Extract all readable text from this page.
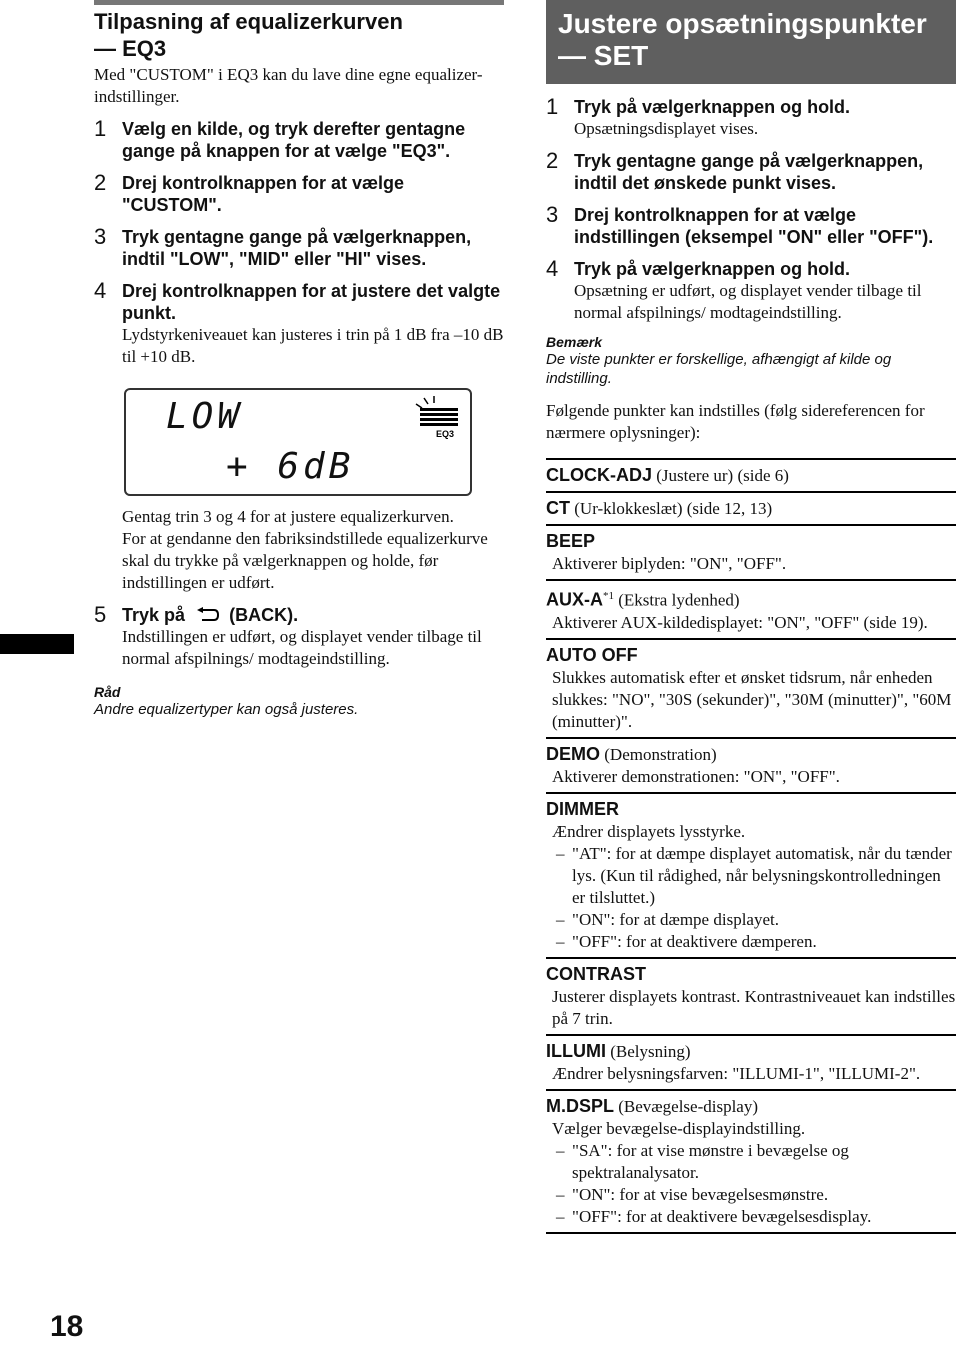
18
Tilpasning af equalizerkurven
— EQ3

Med "CUSTOM" i EQ3 kan du lave dine egne equalizer-indstillinger.

1 Vælg en kilde, og tryk derefter gentagne gange på knappen for at vælge "EQ3".
2 Drej kontrolknappen for at vælge "CUSTOM".
3 Tryk gentagne gange på vælgerknappen, indtil "LOW", "MID" eller "HI" vises.
4 Drej kontrolknappen for at justere det valgte punkt.
Lydstyrkeniveauet kan justeres i trin på 1 dB fra –10 dB til +10 dB.
LOW
+ 6dB
EQ3
Gentag trin 3 og 4 for at justere equalizerkurven.
For at gendanne den fabriksindstillede equalizerkurve skal du trykke på vælgerknappen og holde, før indstillingen er udført.
5 Tryk på (BACK).
Indstillingen er udført, og displayet vender tilbage til normal afspilnings/ modtageindstilling.
Råd
Andre equalizertyper kan også justeres.
Justere opsætningspunkter
— SET
1 Tryk på vælgerknappen og hold.
Opsætningsdisplayet vises.
2 Tryk gentagne gange på vælgerknappen, indtil det ønskede punkt vises.
3 Drej kontrolknappen for at vælge indstillingen (eksempel "ON" eller "OFF").
4 Tryk på vælgerknappen og hold.
Opsætning er udført, og displayet vender tilbage til normal afspilnings/ modtageindstilling.
Bemærk
De viste punkter er forskellige, afhængigt af kilde og indstilling.

Følgende punkter kan indstilles (følg sidereferencen for nærmere oplysninger):

CLOCK-ADJ (Justere ur) (side 6)
CT (Ur-klokkeslæt) (side 12, 13)
BEEP
Aktiverer biplyden: "ON", "OFF".
AUX-$A^{*1}$ (Ekstra lydenhed)
Aktiverer AUX-kildedisplayet: "ON", "OFF" (side 19).
AUTO OFF
Slukkes automatisk efter et ønsket tidsrum, når enheden slukkes: "NO", "30S (sekunder)", "30M (minutter)", "60M (minutter)".
DEMO (Demonstration)
Aktiverer demonstrationen: "ON", "OFF".
DIMMER
Ændrer displayets lysstyrke.
– "AT": for at dæmpe displayet automatisk, når du tænder lys. (Kun til rådighed, når belysningskontrolledningen er tilsluttet.)
– "ON": for at dæmpe displayet.
– "OFF": for at deaktivere dæmperen.
CONTRAST
Justerer displayets kontrast. Kontrastniveauet kan indstilles på 7 trin.
ILLUMI (Belysning)
Ændrer belysningsfarven: "ILLUMI-1", "ILLUMI-2".
M.DSPL (Bevægelse-display)
Vælger bevægelse-displayindstilling.
– "SA": for at vise mønstre i bevægelse og spektralanalysator.
– "ON": for at vise bevægelsesmønstre.
– "OFF": for at deaktivere bevægelsesdisplay.
